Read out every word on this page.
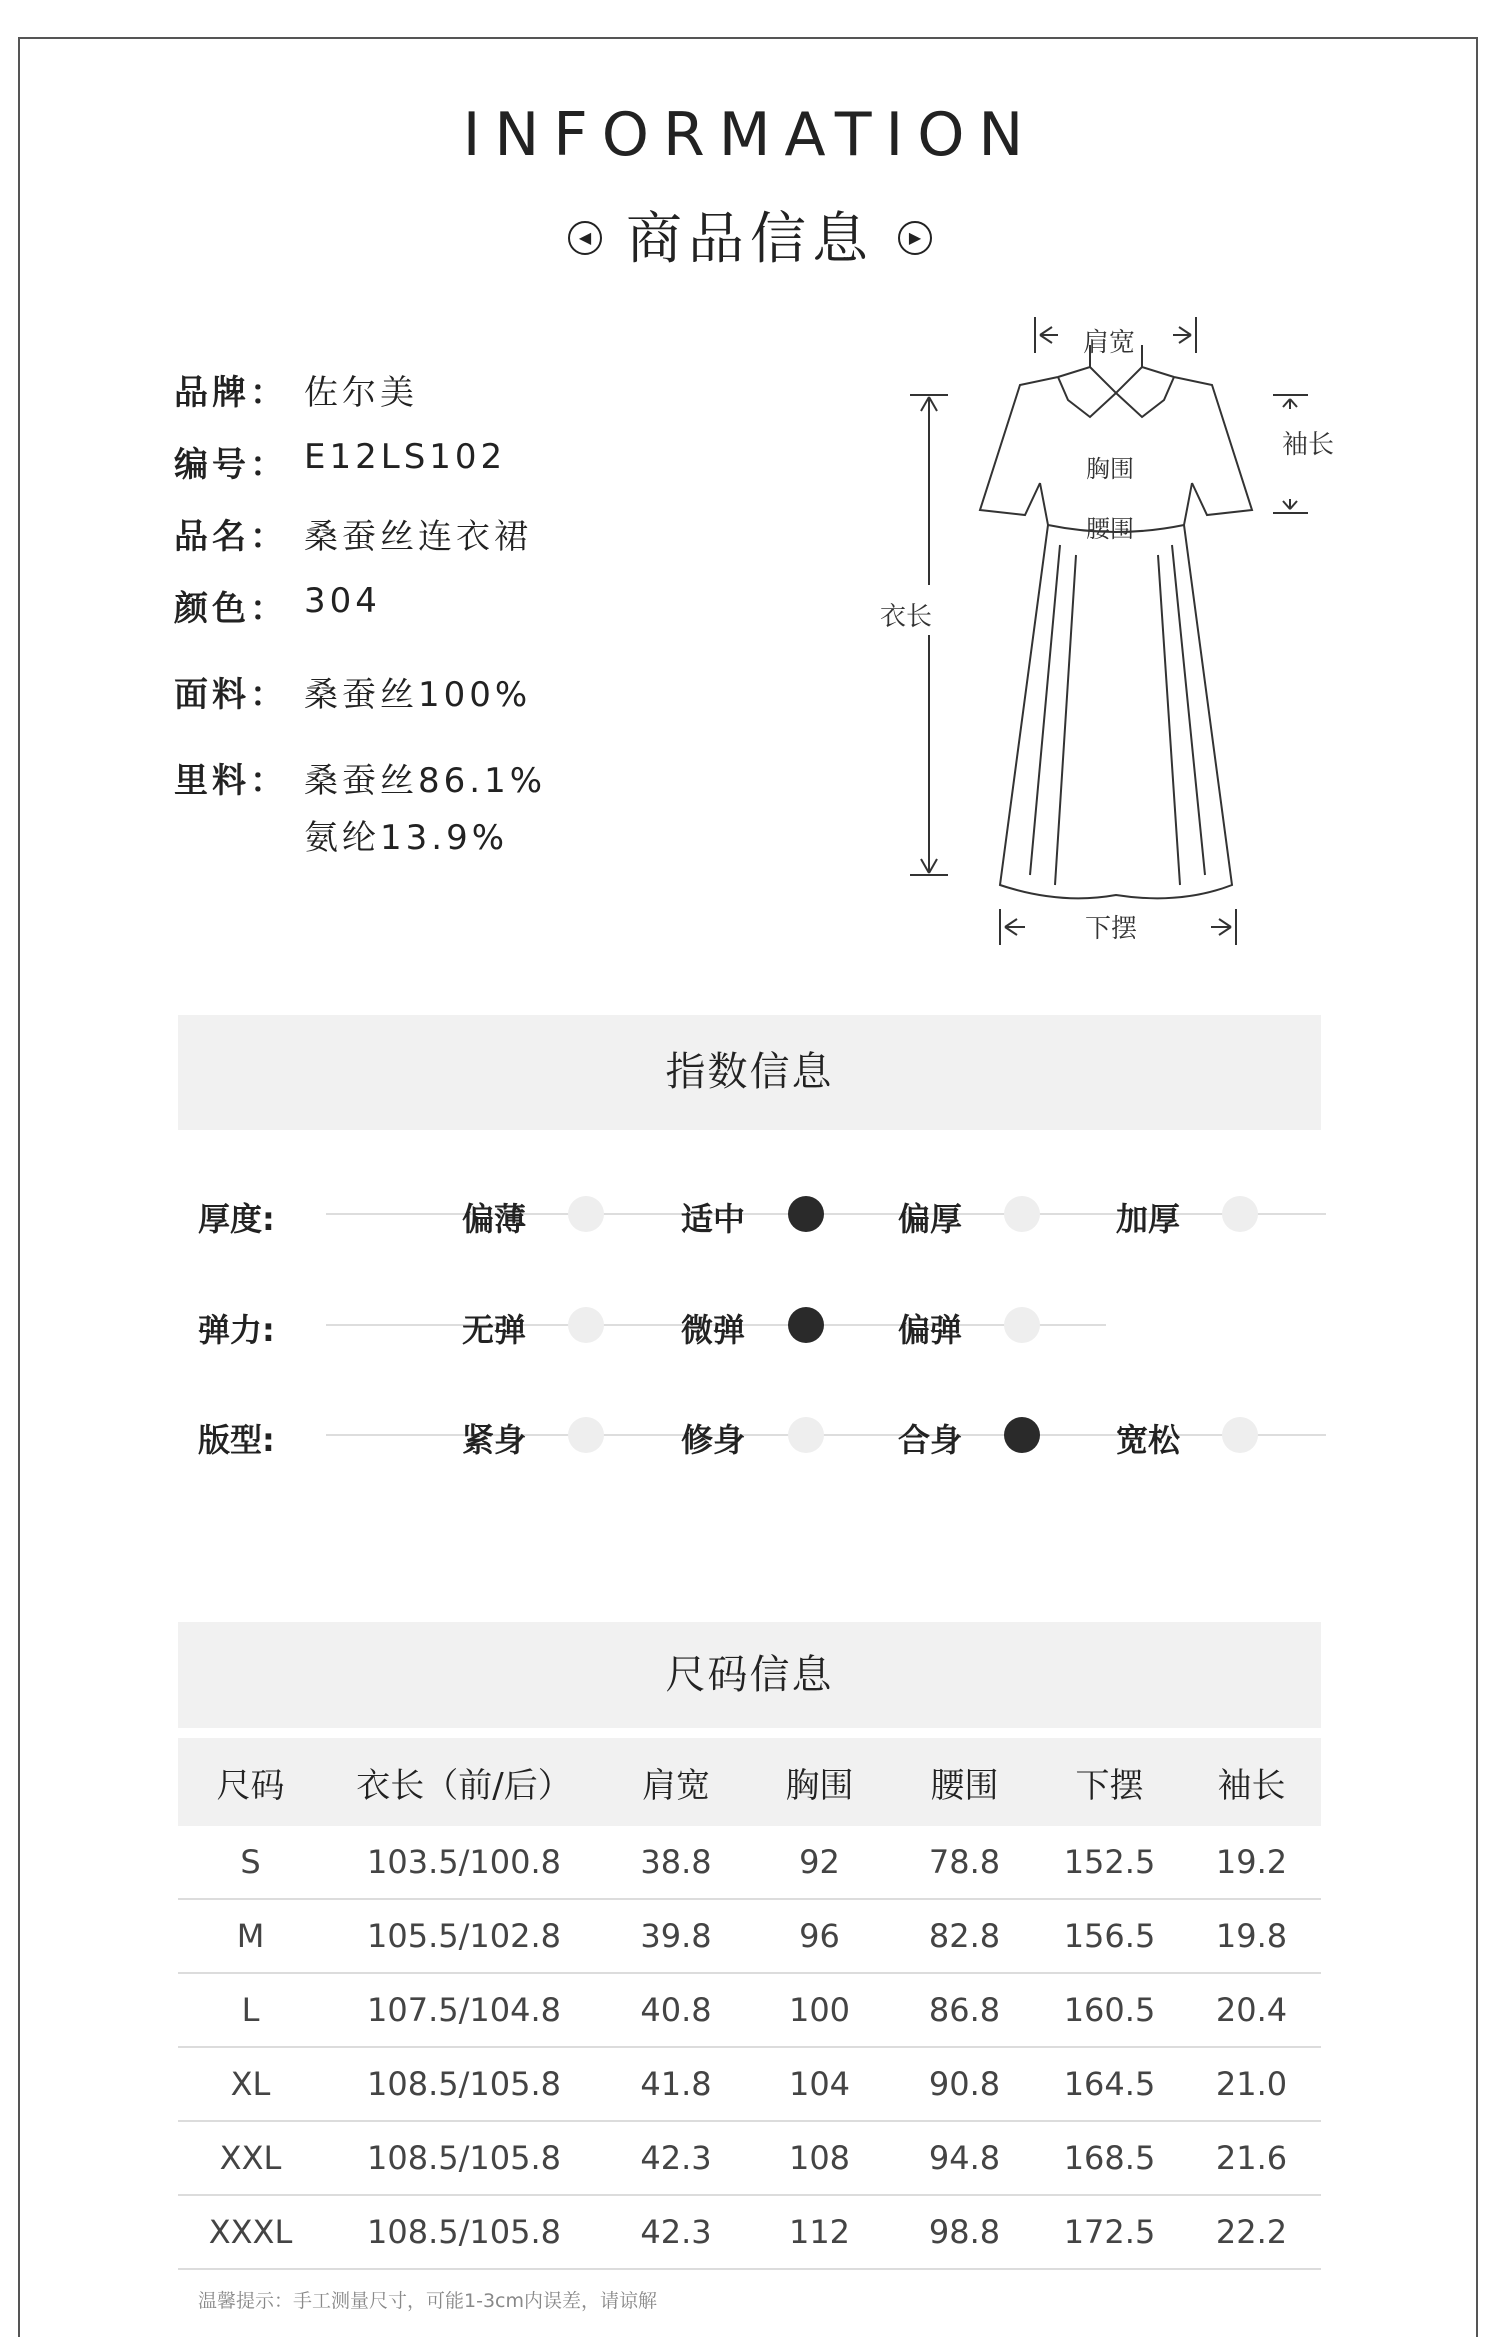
INFORMATION
◀ 商品信息 ▶
品牌： 佐尔美
编号： E12LS102
品名： 桑蚕丝连衣裙
颜色： 304
面料： 桑蚕丝100%
里料： 桑蚕丝86.1%
氨纶13.9%
肩宽
袖长
衣长
胸围
腰围
下摆
指数信息
厚度:	偏薄	适中	偏厚	加厚
弹力:	无弹	微弹	偏弹
版型:	紧身	修身	合身	宽松
尺码信息
尺码	衣长（前/后）	肩宽	胸围	腰围	下摆	袖长
S	103.5/100.8	38.8	92	78.8	152.5	19.2
M	105.5/102.8	39.8	96	82.8	156.5	19.8
L	107.5/104.8	40.8	100	86.8	160.5	20.4
XL	108.5/105.8	41.8	104	90.8	164.5	21.0
XXL	108.5/105.8	42.3	108	94.8	168.5	21.6
XXXL	108.5/105.8	42.3	112	98.8	172.5	22.2
温馨提示：手工测量尺寸，可能1-3cm内误差，请谅解
